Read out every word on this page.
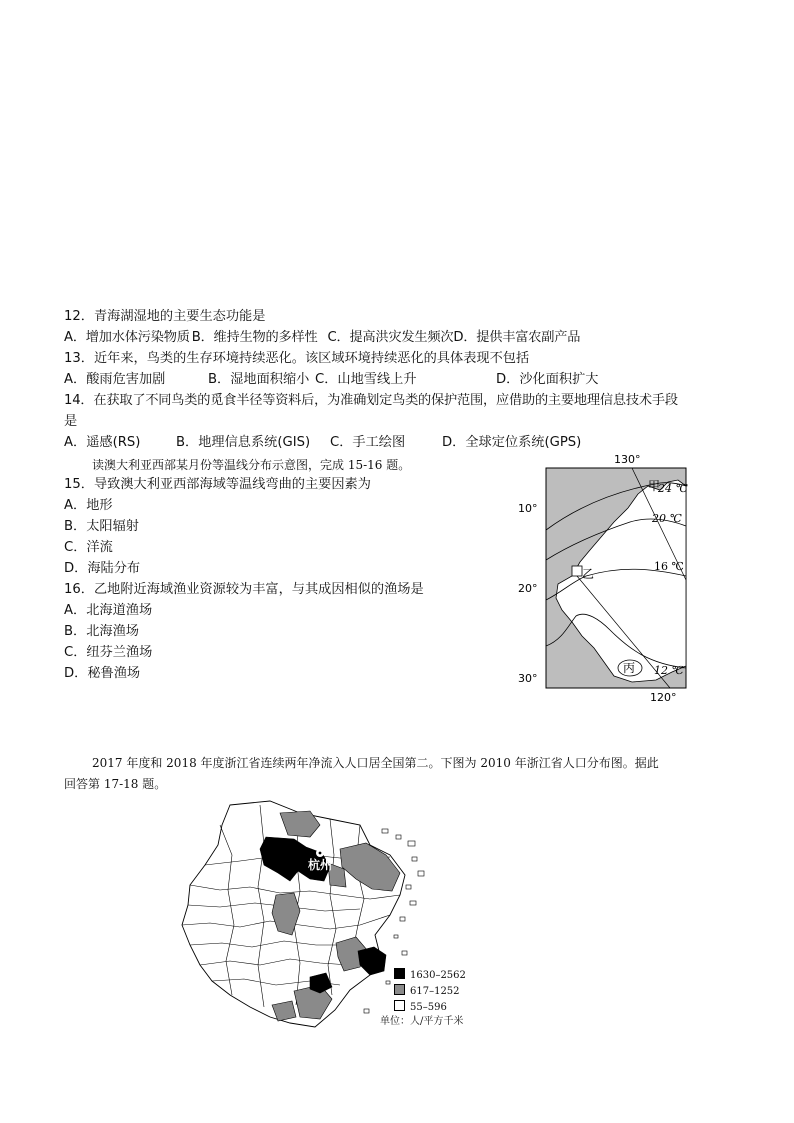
12．青海湖湿地的主要生态功能是
A．增加水体污染物质 B．维持生物的多样性 C．提高洪灾发生频次D．提供丰富农副产品
13．近年来，鸟类的生存环境持续恶化。该区域环境持续恶化的具体表现不包括
A．酸雨危害加剧	B．湿地面积缩小 C．山地雪线上升	D．沙化面积扩大
14．在获取了不同鸟类的觅食半径等资料后，为准确划定鸟类的保护范围，应借助的主要地理信息技术手段
是
A．遥感(RS)	B．地理信息系统(GIS) C．手工绘图	D．全球定位系统(GPS)
读澳大利亚西部某月份等温线分布示意图，完成 15-16 题。
15．导致澳大利亚西部海域等温线弯曲的主要因素为
A．地形
B．太阳辐射
C．洋流
D．海陆分布
16．乙地附近海域渔业资源较为丰富，与其成因相似的渔场是
A．北海道渔场
B．北海渔场
C．纽芬兰渔场
D．秘鲁渔场
130°
120°
10°
20°
30°
24 ℃
20 ℃
16 ℃
12 ℃
甲
乙
丙
2017 年度和 2018 年度浙江省连续两年净流入人口居全国第二。下图为 2010 年浙江省人口分布图。据此
回答第 17-18 题。
杭州
1630–2562
617–1252
55–596
单位：人/平方千米
